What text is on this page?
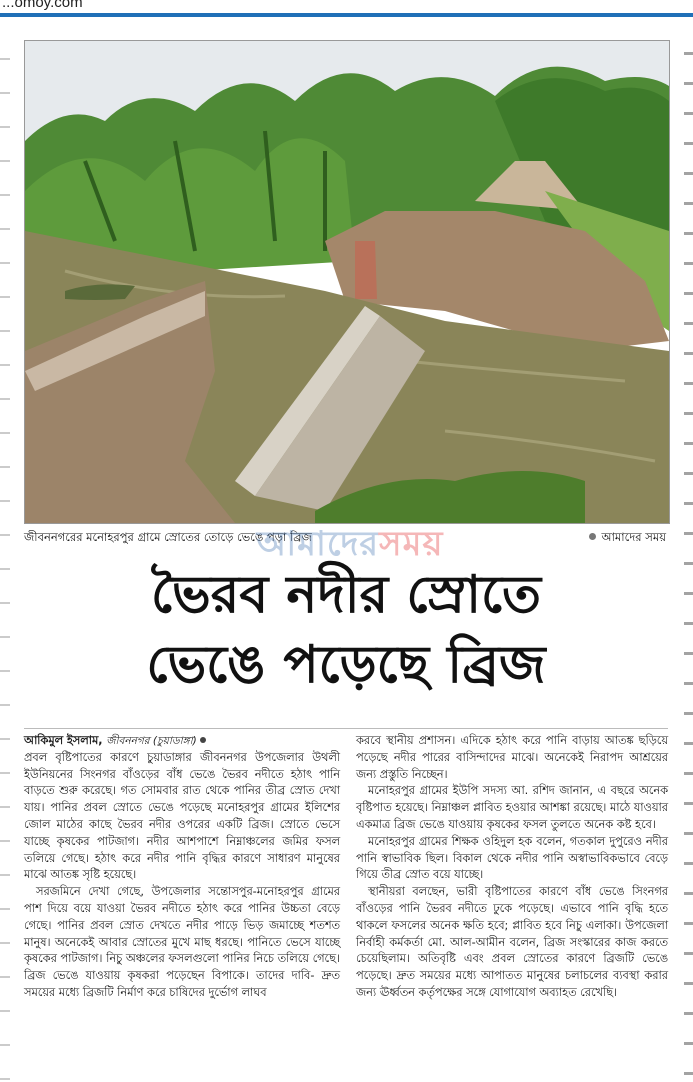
...omoy.com
জীবননগরের মনোহরপুর গ্রামে স্রোতের তোড়ে ভেঙে পড়া ব্রিজ	আমাদের সময়
আমাদেরসময়
ভৈরব নদীর স্রোতে
ভেঙে পড়েছে ব্রিজ

আকিমুল ইসলাম, জীবননগর (চুয়াডাঙ্গা)

প্রবল বৃষ্টিপাতের কারণে চুয়াডাঙ্গার জীবননগর উপজেলার উথলী ইউনিয়নের সিংনগর বাঁওড়ের বাঁধ ভেঙে ভৈরব নদীতে হঠাৎ পানি বাড়তে শুরু করেছে। গত সোমবার রাত থেকে পানির তীব্র স্রোত দেখা যায়। পানির প্রবল স্রোতে ভেঙে পড়েছে মনোহরপুর গ্রামের ইলিশের জোল মাঠের কাছে ভৈরব নদীর ওপরের একটি ব্রিজ। স্রোতে ভেসে যাচ্ছে কৃষকের পাটজাগ। নদীর আশপাশে নিম্নাঞ্চলের জমির ফসল তলিয়ে গেছে। হঠাৎ করে নদীর পানি বৃদ্ধির কারণে সাধারণ মানুষের মাঝে আতঙ্ক সৃষ্টি হয়েছে।

সরজমিনে দেখা গেছে, উপজেলার সন্তোসপুর-মনোহরপুর গ্রামের পাশ দিয়ে বয়ে যাওয়া ভৈরব নদীতে হঠাৎ করে পানির উচ্চতা বেড়ে গেছে। পানির প্রবল স্রোত দেখতে নদীর পাড়ে ভিড় জমাচ্ছে শতশত মানুষ। অনেকেই আবার স্রোতের মুখে মাছ ধরছে। পানিতে ভেসে যাচ্ছে কৃষকের পাটজাগ। নিচু অঞ্চলের ফসলগুলো পানির নিচে তলিয়ে গেছে। ব্রিজ ভেঙে যাওয়ায় কৃষকরা পড়েছেন বিপাকে। তাদের দাবি- দ্রুত সময়ের মধ্যে ব্রিজটি নির্মাণ করে চাষিদের দুর্ভোগ লাঘব

করবে স্থানীয় প্রশাসন। এদিকে হঠাৎ করে পানি বাড়ায় আতঙ্ক ছড়িয়ে পড়েছে নদীর পারের বাসিন্দাদের মাঝে। অনেকেই নিরাপদ আশ্রয়ের জন্য প্রস্তুতি নিচ্ছেন।

মনোহরপুর গ্রামের ইউপি সদস্য আ. রশিদ জানান, এ বছরে অনেক বৃষ্টিপাত হয়েছে। নিম্নাঞ্চল প্লাবিত হওয়ার আশঙ্কা রয়েছে। মাঠে যাওয়ার একমাত্র ব্রিজ ভেঙে যাওয়ায় কৃষকের ফসল তুলতে অনেক কষ্ট হবে।

মনোহরপুর গ্রামের শিক্ষক ওহিদুল হক বলেন, গতকাল দুপুরেও নদীর পানি স্বাভাবিক ছিল। বিকাল থেকে নদীর পানি অস্বাভাবিকভাবে বেড়ে গিয়ে তীব্র স্রোত বয়ে যাচ্ছে।

স্থানীয়রা বলছেন, ভারী বৃষ্টিপাতের কারণে বাঁধ ভেঙে সিংনগর বাঁওড়ের পানি ভৈরব নদীতে ঢুকে পড়েছে। এভাবে পানি বৃদ্ধি হতে থাকলে ফসলের অনেক ক্ষতি হবে; প্লাবিত হবে নিচু এলাকা। উপজেলা নির্বাহী কর্মকর্তা মো. আল-আমীন বলেন, ব্রিজ সংস্কারের কাজ করতে চেয়েছিলাম। অতিবৃষ্টি এবং প্রবল স্রোতের কারণে ব্রিজটি ভেঙে পড়েছে। দ্রুত সময়ের মধ্যে আপাতত মানুষের চলাচলের ব্যবস্থা করার জন্য ঊর্ধ্বতন কর্তৃপক্ষের সঙ্গে যোগাযোগ অব্যাহত রেখেছি।
